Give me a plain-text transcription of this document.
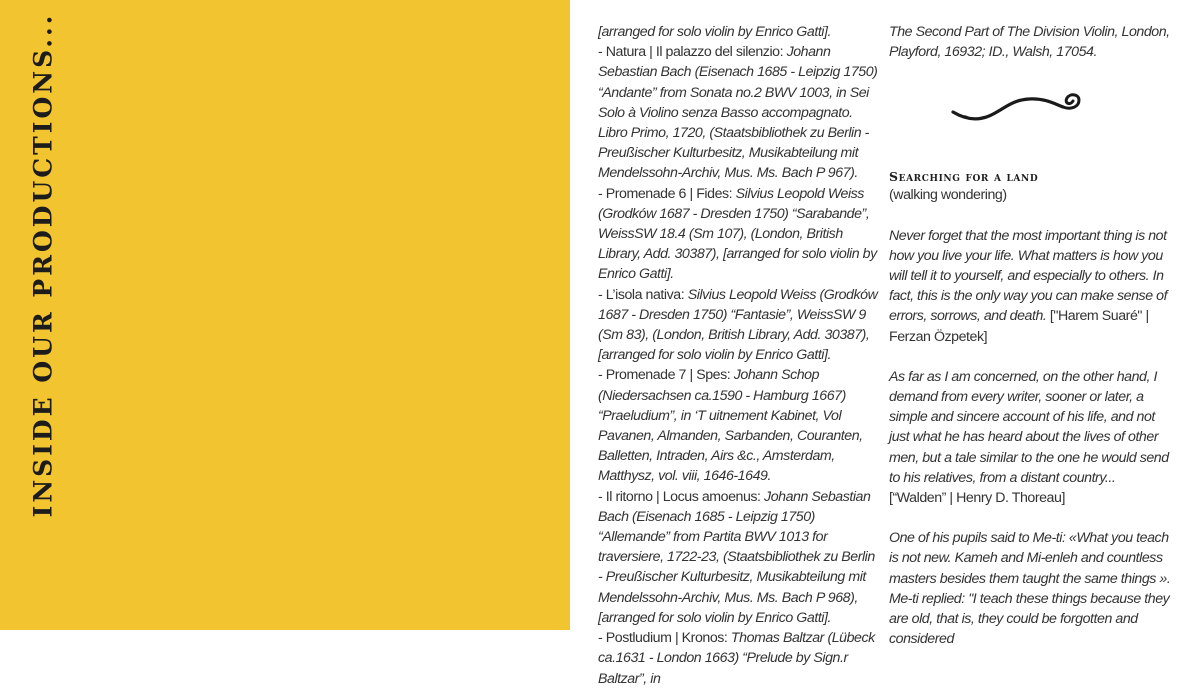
INSIDE OUR PRODUCTIONS...	[arranged for solo violin by Enrico Gatti].

- Natura | Il palazzo del silenzio: Johann Sebastian Bach (Eisenach 1685 - Leipzig 1750) “Andante” from Sonata no.2 BWV 1003, in Sei Solo à Violino senza Basso accompagnato. Libro Primo, 1720, (Staatsbibliothek zu Berlin - Preußischer Kulturbesitz, Musikabteilung mit Mendelssohn-Archiv, Mus. Ms. Bach P 967).

- Promenade 6 | Fides: Silvius Leopold Weiss (Grodków 1687 - Dresden 1750) “Sarabande”, WeissSW 18.4 (Sm 107), (London, British Library, Add. 30387), [arranged for solo violin by Enrico Gatti].

- L’isola nativa: Silvius Leopold Weiss (Grodków 1687 - Dresden 1750) “Fantasie”, WeissSW 9 (Sm 83), (London, British Library, Add. 30387), [arranged for solo violin by Enrico Gatti].

- Promenade 7 | Spes: Johann Schop (Niedersachsen ca.1590 - Hamburg 1667) “Praeludium”, in ‘T uitnement Kabinet, Vol Pavanen, Almanden, Sarbanden, Couranten, Balletten, Intraden, Airs &c., Amsterdam, Matthysz, vol. viii, 1646-1649.

- Il ritorno | Locus amoenus: Johann Sebastian Bach (Eisenach 1685 - Leipzig 1750) “Allemande” from Partita BWV 1013 for traversiere, 1722-23, (Staatsbibliothek zu Berlin - Preußischer Kulturbesitz, Musikabteilung mit Mendelssohn-Archiv, Mus. Ms. Bach P 968), [arranged for solo violin by Enrico Gatti].

- Postludium | Kronos: Thomas Baltzar (Lübeck ca.1631 - London 1663) “Prelude by Sign.r Baltzar”, in

The Second Part of The Division Violin, London, Playford, 16932; ID., Walsh, 17054.

Searching for a land

(walking wondering)

Never forget that the most important thing is not how you live your life. What matters is how you will tell it to yourself, and especially to others. In fact, this is the only way you can make sense of errors, sorrows, and death. ["Harem Suaré" | Ferzan Özpetek]

As far as I am concerned, on the other hand, I demand from every writer, sooner or later, a simple and sincere account of his life, and not just what he has heard about the lives of other men, but a tale similar to the one he would send to his relatives, from a distant country... [“Walden” | Henry D. Thoreau]

One of his pupils said to Me-ti: «What you teach is not new. Kameh and Mi-enleh and countless masters besides them taught the same things ».

Me-ti replied: "I teach these things because they are old, that is, they could be forgotten and considered
